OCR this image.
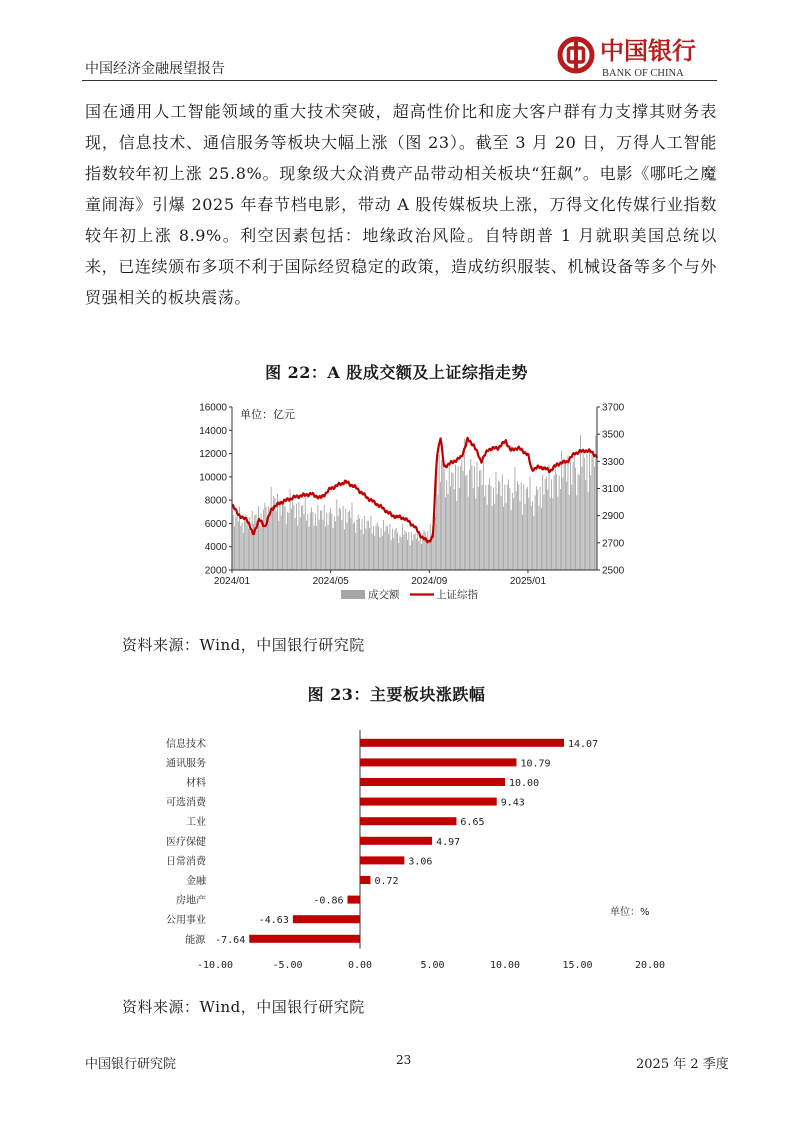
中国经济金融展望报告
中国银行
BANK OF CHINA

国在通用人工智能领域的重大技术突破，超高性价比和庞大客户群有力支撑其财务表现，信息技术、通信服务等板块大幅上涨（图 23）。截至 3 月 20 日，万得人工智能指数较年初上涨 25.8%。现象级大众消费产品带动相关板块“狂飙”。电影《哪吒之魔童闹海》引爆 2025 年春节档电影，带动 A 股传媒板块上涨，万得文化传媒行业指数较年初上涨 8.9%。利空因素包括：地缘政治风险。自特朗普 1 月就职美国总统以来，已连续颁布多项不利于国际经贸稳定的政策，造成纺织服装、机械设备等多个与外贸强相关的板块震荡。

图 22：A 股成交额及上证综指走势
2000
4000
6000
8000
10000
12000
14000
16000
2500
2700
2900
3100
3300
3500
3700
2024/01	2024/05	2024/09	2025/01
单位：亿元
成交额	上证综指
资料来源：Wind，中国银行研究院
图 23：主要板块涨跌幅
信息技术	14.07
通讯服务	10.79
材料	10.00
可选消费	9.43
工业	6.65
医疗保健	4.97
日常消费	3.06
金融	0.72
-0.86
房地产
-4.63
公用事业
-7.64
能源
-10.00	-5.00	0.00	5.00	10.00	15.00	20.00
单位：%
资料来源：Wind，中国银行研究院
中国银行研究院	23	2025 年 2 季度
